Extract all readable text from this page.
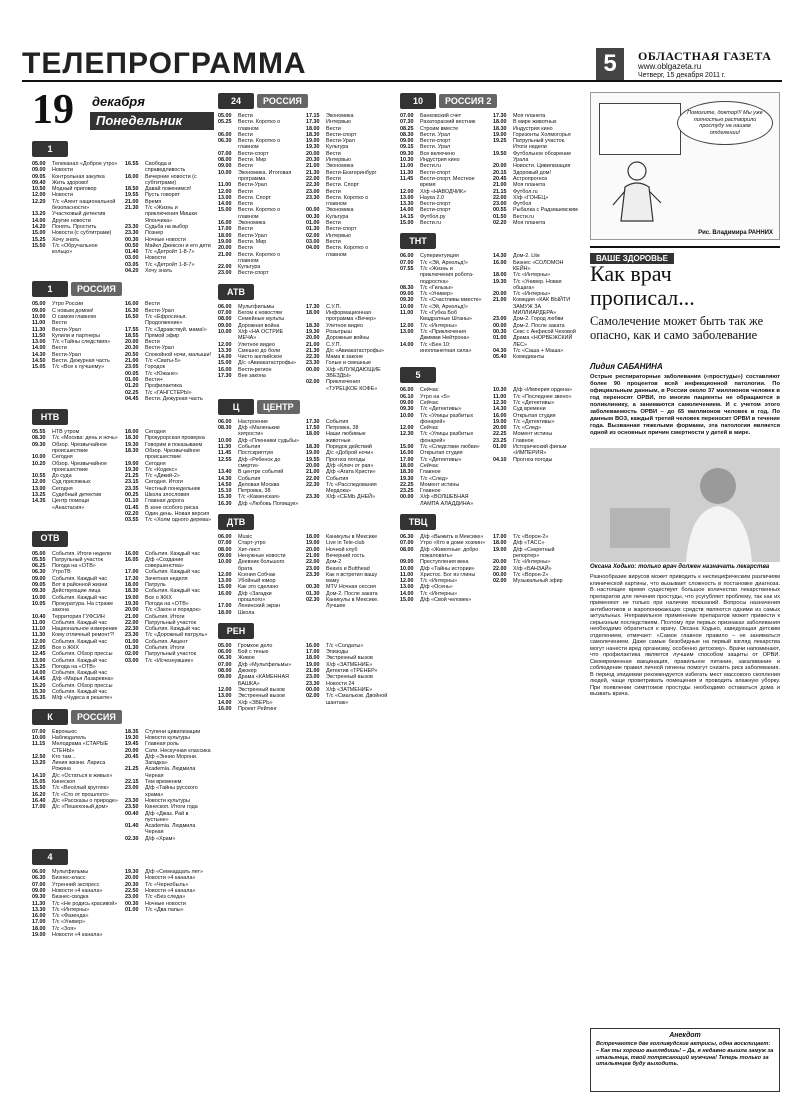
ТЕЛЕПРОГРАММА	5	ОБЛАСТНАЯ ГАЗЕТА
www.oblgazeta.ru
Четверг, 15 декабря 2011 г.
19 декабря
Понедельник
1
05.00	Телеканал «Доброе утро»
09.00	Новости
09.05	Контрольная закупка
09.40	Жить здорово!
10.50	Модный приговор
12.00	Новости
12.20	Т/с «Агент национальной безопасности»
13.20	Участковый детектив
14.00	Другие новости
14.20	Понять. Простить
15.00	Новости (с субтитрами)
15.25	Хочу знать
15.50	Т/с «Обручальное кольцо»
16.55	Свобода и справедливость
18.00	Вечерние новости (с субтитрами)
18.50	Давай поженимся!
19.55	Пусть говорят
21.00	Время
21.30	Т/с «Жизнь и приключения Мишки Япончика»
23.30	Судьба на выбор
23.30	Познер
00.30	Ночные новости
00.50	Майкл Джексон и его дети
01.40	Т/с «Детройт 1-8-7»
03.00	Новости
03.05	Т/с «Детройт 1-8-7»
04.20	Хочу знать
1	РОССИЯ
05.00	Утро России
09.00	С новым домом!
10.00	О самом главном
11.00	Вести
11.30	Вести-Урал
11.50	Купили и партнеры
13.00	Т/с «Тайны следствия»
14.00	Вести
14.30	Вести-Урал
14.50	Вести. Дежурная часть
15.05	Т/с «Все к лучшему»
16.00	Вести
16.30	Вести-Урал
16.50	Т/с «Ефросинья. Продолжение»
17.55	Т/с «Здравствуй, мама!»
18.55	Прямой эфир
20.00	Вести
20.30	Вести-Урал
20.50	Спокойной ночи, малыши!
21.00	Т/с «Сваты-5»
23.05	Городок
00.05	Т/с «Южане»
01.00	Вести+
01.20	Профилактика
02.25	Т/с «ГАНГСТЕРЫ»
04.45	Вести. Дежурная часть
НТВ
05.55	НТВ утром
08.30	Т/с «Москва: день и ночь»
09.30	Обзор. Чрезвычайное происшествие
10.00	Сегодня
10.20	Обзор. Чрезвычайное происшествие
10.55	До суда
12.00	Суд присяжных
13.00	Сегодня
13.25	Судебный детектив
14.35	Центр помощи «Анастасия»
18.00	Сегодня
18.30	Прокурорская проверка
19.30	Говорим и показываем
18.30	Обзор. Чрезвычайное происшествие
19.00	Сегодня
19.30	Т/с «Кодекс»
21.25	Т/с «Дикий-2»
23.15	Сегодня. Итоги
23.35	Честный понедельник
00.25	Школа злословия
01.10	Главная дорога
01.45	В зоне особого риска
02.20	Один день. Новая версия
03.55	Т/с «Холм одного дерева»
ОТВ
05.00	События. Итоги недели
05.55	Патрульный участок
06.25	Погода на «ОТВ»
06.30	УтроТВ
09.00	События. Каждый час
09.05	Вот в районной жизни
09.30	Действующие лица
10.00	События. Каждый час
10.05	Прокуратура. На страже закона
10.40	Территория ГУФСИН
11.00	События. Каждый час
11.10	Национальное измерение
11.30	Кому отличный ремонт?!
12.00	События. Каждый час
12.05	Все о ЖКХ
12.45	События. Обзор прессы
13.00	События. Каждый час
13.25	Погода на «ОТВ»
14.00	События. Каждый час
14.45	Д/ф «Марья Лазаревна»
15.20	События. Обзор прессы
15.30	События. Каждый час
15.35	М/ф «Чудеса в решете»
16.00	События. Каждый час
16.05	Д/ф «Создание совершенства»
17.00	События. Каждый час
17.30	Зачетная неделя
18.00	Патруль
18.30	События. Каждый час
19.00	Все о ЖКХ
19.30	Погода на «ОТВ»
20.00	Т/с «Закон и порядок»
21.00	События. Итоги
22.00	Патрульный участок
22.30	События. Каждый час
23.30	Т/с «Дорожный патруль»
01.00	События. Акцент
01.30	События. Итоги
02.00	Патрульный участок
03.00	Т/с «Исчезнувшие»
К	РОССИЯ
07.00	Евроньюс
10.00	Наблюдатель
11.15	Мелодрама «СТАРЫЕ СТЕНЫ»
12.50	Кто там...
13.20	Линия жизни. Лариса Рожина
14.10	Д/с «Остаться в живых»
15.05	Кинескоп
15.50	Т/с «Весёлый кругляк»
16.20	Т/с «Сто от прошлого»
16.40	Д/с «Рассказы о природе»
17.00	Д/с «Пешехоный дом»
18.35	Ступени цивилизации
19.30	Новости культуры
19.45	Главная роль
20.00	Сати. Нескучная классика
20.45	Д/ф «Эннио Морони. Загадка»
21.25	Academia. Людмила Черная
22.15	Тем временем
23.00	Д/ф «Тайны русского храма»
23.30	Новости культуры
23.50	Кинескоп. Итоги года
00.40	Д/ф «Джаз. Рай в пустыне»
01.40	Academia. Людмила Черная
02.30	Д/ф «Храм»
4
06.00	Мультфильмы
06.30	Бизнес-класс
07.00	Утренний экспресс
09.00	Новости «4 канала»
09.30	Бизнес-сводка
11.30	Т/с «Не родись красивой»
13.30	Т/с «Интерны»
16.00	Т/с «Фазенда»
17.00	Т/с «Универ»
18.00	Т/с «Зоя»
19.00	Новости «4 канала»
19.30	Д/ф «Семнадцать лет»
20.00	Новости «4 канала»
20.30	Т/с «Чернобыль»
22.50	Новости «4 канала»
23.00	Т/с «Без следа»
00.30	Ночные новости
01.00	Т/с «Два папы»
24	РОССИЯ
05.00	Вести
05.25	Вести. Коротко о главном
06.00	Вести
06.30	Вести. Коротко о главном
07.00	Вести-спорт
08.00	Вести. Мир
09.00	Вести
10.00	Экономика. Итоговая программа
11.00	Вести-Урал
12.00	Вести
13.00	Вести. Спорт
14.00	Вести
15.00	Вести. Коротко о главном
16.00	Экономика
17.00	Вести
18.00	Вести-Урал
19.00	Вести. Мир
20.00	Вести
21.00	Вести. Коротко о главном
22.00	Культура
23.00	Вести-спорт
17.15	Экономика
17.30	Интервью
18.00	Вести
18.30	Вести-спорт
19.00	Вести-Урал
19.30	Культура
20.00	Вести
20.30	Интервью
21.00	Экономика
21.30	Вести-Екатеринбург
22.00	Вести
22.30	Вести. Спорт
23.00	Вести
23.30	Вести. Коротко о главном
00.00	Экономика
00.30	Культура
01.00	Вести
01.30	Вести-спорт
02.00	Интервью
03.00	Вести
04.00	Вести. Коротко о главном
АТВ
06.00	Мультфильмы
07.00	Бегом к новостям
08.00	Семейные мульты
09.00	Дорожная война
10.00	Х/ф «НА ОСТРИЕ МЕЧА»
12.00	Улетное видео
13.30	Смешно до боли
14.00	Чисто английское
15.00	Д/с «Авиакатастрофы»
16.00	Вести-регион
17.30	Вне закона
17.30	С.У.П.
18.00	Информационная программа «Вечер»
18.30	Улетное видео
19.30	Розыгрыш
20.00	Дорожные войны
21.00	С.У.П.
21.30	Д/с «Авиакатастрофы»
22.30	Мама в законе
23.30	Голые и смешные
00.00	Х/ф «БЛУЖДАЮЩИЕ ЗВЕЗДЫ»
02.00	Приключения «ТУРЕЦКОЕ КОФЕ»
Ц	ЦЕНТР
06.00	Настроение
08.30	Д/ф «Маленькие хитрости»
10.00	Д/ф «Пленники судьбы»
11.30	События
11.45	Постскриптум
12.55	Д/ф «Ребенок до смерти»
13.40	В центре событий
14.30	События
14.50	Деловая Москва
15.10	Петровка, 38
15.30	Т/с «Каменская»
16.30	Д/ф «Любовь Полищук»
17.30	События
17.50	Петровка, 38
18.00	Наши любимые животные
18.30	Порядок действий
19.00	Д/с «Доброй ночи»
19.55	Прогноз погоды
20.00	Д/ф «Ключ от рая»
21.00	Д/ф «Агата Кристи»
22.00	События
22.30	Т/с «Расследования Мердока»
23.30	Х/ф «СЕМЬ ДНЕЙ»
ДТВ
06.00	Music
07.00	Старт-утро
08.00	Хит-лист
09.00	Ненужные новости
10.00	Дневник большого брата
12.00	Ксения Собчак
13.00	Убойный юмор
15.00	Как это сделано
16.00	Д/ф «Загадки прошлого»
17.00	Ленинский экран
18.00	Школа
18.00	Каникулы в Мексике
19.00	Live in Tele-club
20.00	Ночной клуб
21.00	Вечерний гость
22.00	Дом-2
23.00	Beavis и Butthead
23.30	Как я встретил вашу маму
00.30	MTV Ночная сессия
01.30	Дом-2. После заката
02.30	Каникулы в Мексике. Лучшее
РЕН
05.00	Громкое дело
06.00	Бой с тенью
06.30	Живое
07.00	Д/ф «Мультфильмы»
08.00	Джокер
09.00	Драма «КАМЕННАЯ БАШКА»
12.00	Экстренный вызов
13.00	Экстренный вызов
14.00	Х/ф «ЗВЕРЬ»
16.00	Проект Рейтинг
16.00	Т/с «Солдаты»
17.00	Эпизоды
18.00	Экстренный вызов
19.00	Х/ф «ЗАТМЕНИЕ»
21.00	Детектив «ТРЕНЕР»
23.00	Экстренный вызов
23.30	Новости 24
00.00	Х/ф «ЗАТМЕНИЕ»
02.00	Т/с «Смальков. Двойной шантаж»
10	РОССИЯ 2
07.00	Банковский счет
07.30	Рахатораский вестник
08.25	Строим вместе
08.30	Вести. Урал
09.00	Вести-спорт
09.15	Вести. Урал
09.30	Все включено
10.30	Индустрия кино
11.00	Вести.ru
11.30	Вести-спорт
11.45	Вести-спорт. Местное время
12.00	Х/ф «НАВОДЧИК»
13.00	Наука 2.0
13.30	Вести-спорт
14.00	Вести-спорт
14.15	Футбол.ру
15.00	Вести.ru
17.30	Моя планета
18.00	В мире животных
18.30	Индустрия кино
19.00	Горизонты Холмогорья
19.25	Патрульный участок. Итоги недели
19.50	Футбольное обозрение Урала
20.00	Новости. Цивилизация
20.15	Здоровый дом!
20.45	Астропрогноз
21.00	Моя планета
21.15	Футбол.ru
22.00	Х/ф «ГОНЕЦ»
23.00	Футбол
00.55	Рыбалка с Радзишевским
01.50	Вести.ru
02.20	Моя планета
ТНТ
06.00	Суперинтуиция
07.00	Т/с «Эй, Арнольд!»
07.55	Т/с «Жизнь и приключения робота-подростка»
08.30	Т/с «Гильзы»
09.00	Т/с «Универ»
09.30	Т/с «Счастливы вместе»
10.00	Т/с «Эй, Арнольд!»
11.00	Т/с «Губка Боб Квадратные Штаны»
12.00	Т/с «Интерны»
13.00	Т/с «Приключения Джимми Нейтрона»
14.00	Т/с «Бен 10: инопланетная сила»
14.30	Дом-2. Lite
16.00	Бизнес «СОЛОМОН КЕЙН»
18.00	Т/с «Интерны»
19.30	Т/с «Универ. Новая общага»
20.00	Т/с «Интерны»
21.00	Комедия «КАК ВЫЙТИ ЗАМУЖ ЗА МИЛЛИАРДЕРА»
23.00	Дом-2. Город любви
00.00	Дом-2. После заката
00.30	Секс с Анфисой Чеховой
01.00	Драма «НОРВЕЖСКИЙ ЛЕС»
04.30	Т/с «Саша + Маша»
05.40	Комедианты
5
06.00	Сейчас
06.10	Утро на «5»
09.00	Сейчас
09.30	Т/с «Детективы»
10.00	Т/с «Улицы разбитых фонарей»
12.00	Сейчас
12.30	Т/с «Улицы разбитых фонарей»
15.00	Т/с «Следствие любви»
16.00	Открытая студия
17.00	Т/с «Детективы»
18.00	Сейчас
18.30	Главное
19.30	Т/с «След»
22.25	Момент истины
23.25	Главное
00.00	Х/ф «ВОЛШЕБНАЯ ЛАМПА АЛАДДИНА»
10.30	Д/ф «Империя ордена»
11.00	Т/с «Последнее звено»
12.30	Т/с «Детективы»
14.30	Суд времени
16.00	Открытая студия
19.00	Т/с «Детективы»
20.00	Т/с «След»
22.25	Момент истины
23.25	Главное
01.00	Исторический фильм «ИМПЕРИЯ»
04.10	Прогноз погоды
ТВЦ
06.30	Д/ф «Выжить в Мексике»
07.00	Утро «Кто в доме хозяин»
08.00	Д/ф «Животные: добро пожаловать»
09.00	Преступления века
10.00	Д/ф «Тайны истории»
11.00	Христос. Бог из глины
12.00	Т/с «Интерны»
13.00	Д/ф «Осень»
14.00	Т/с «Интерны»
15.00	Д/ф «Свой человек»
17.00	Т/с «Ворон-2»
18.00	Д/ф «ТАСС»
19.00	Д/ф «Секретный репортер»
20.00	Т/с «Интерны»
22.00	Х/ф «БАНЗАЙ»
00.00	Т/с «Ворон-2»
02.00	Музыкальный эфир
Помогите, доктор!!! Мы уже полностью растворили простуду на нашем отделении!
Рис. Владимира РАННИХ
ВАШЕ ЗДОРОВЬЕ
Как врач прописал...
Самолечение может быть так же опасно, как и само заболевание
Лидия САБАНИНА
Острые респираторные заболевания («простуды») составляют более 90 процентов всей инфекционной патологии. По официальным данным, в России около 37 миллионов человек в год переносят ОРВИ, по многие пациенты не обращаются в поликлинику, а занимаются самолечением. И с учетом этого заболеваемость ОРВИ – до 65 миллионов человек в год. По данным ВОЗ, каждый третий человек переносит ОРВИ в течение года. Вызванная тяжелыми формами, эта патология является одной из основных причин смертности у детей в мире.
Оксана Ходько: только врач должен назначать лекарства
Разнообразие вирусов может приводить к неспецифическим различиям клинической картины, что вызывает сложность в постановке диагноза. В настоящее время существует большое количество лекарственных препаратов для лечения простуды, что усугубляет проблему, так как их применяют не только при наличии показаний. Вопросы назначения антибиотиков и жаропонижающих средств являются одними из самых актуальных. Неправильное применение препаратов может привести к серьезным последствиям. Поэтому при первых признаках заболевания необходимо обратиться к врачу. Оксана Ходько, заведующая детским отделением, отмечает: «Самое главное правило – не заниматься самолечением. Даже самые безобидные на первый взгляд лекарства могут нанести вред организму, особенно детскому». Врачи напоминают, что профилактика является лучшим способом защиты от ОРВИ. Своевременная вакцинация, правильное питание, закаливание и соблюдение правил личной гигиены помогут снизить риск заболевания. В период эпидемии рекомендуется избегать мест массового скопления людей, чаще проветривать помещения и проводить влажную уборку. При появлении симптомов простуды необходимо оставаться дома и вызвать врача.
Анекдот
Встречаются две голливудские актрисы, одна восклицает: – Как ты хорошо выглядишь! – Да, я недавно вышла замуж за итальянца, твой потрясающий мужчина! Теперь только за итальянцев буду выходить.
